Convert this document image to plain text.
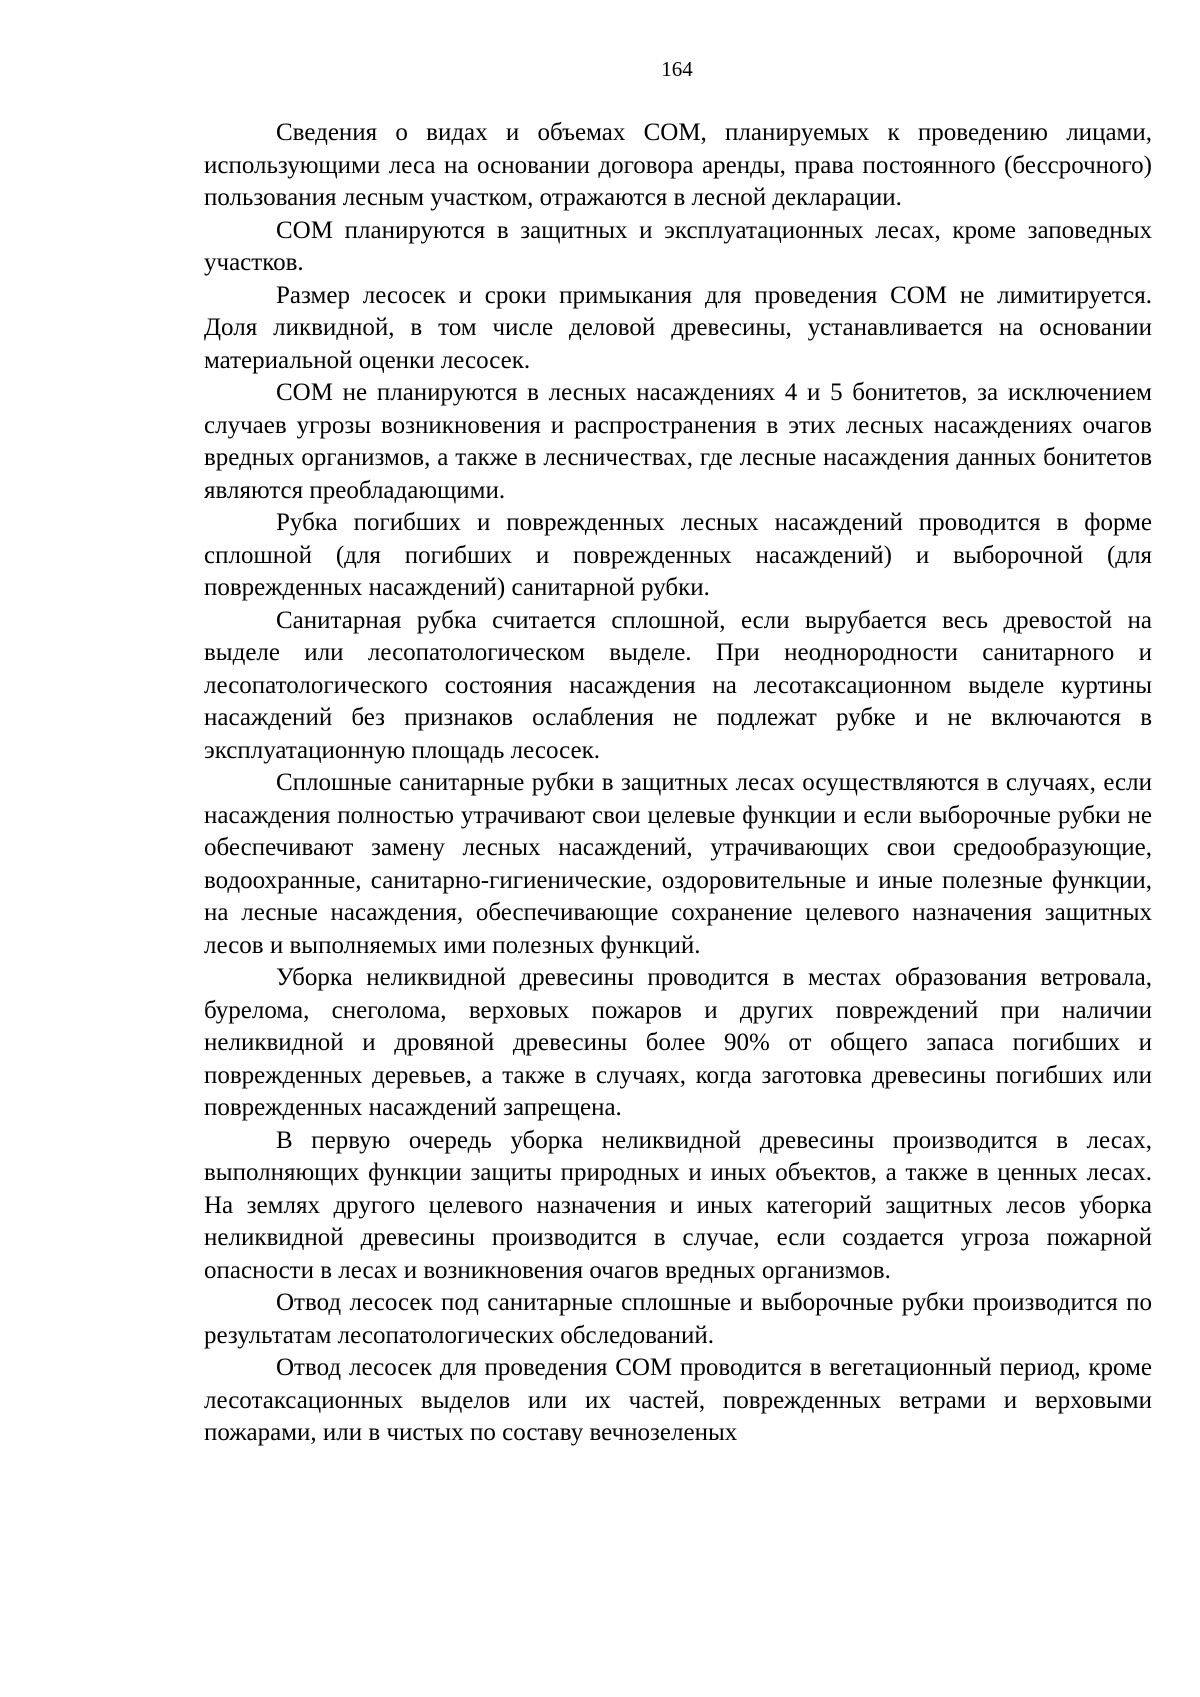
164

Сведения о видах и объемах СОМ, планируемых к проведению лицами, использующими леса на основании договора аренды, права постоянного (бессрочного) пользования лесным участком, отражаются в лесной декларации.

СОМ планируются в защитных и эксплуатационных лесах, кроме заповедных участков.

Размер лесосек и сроки примыкания для проведения СОМ не лимитируется. Доля ликвидной, в том числе деловой древесины, устанавливается на основании материальной оценки лесосек.

СОМ не планируются в лесных насаждениях 4 и 5 бонитетов, за исключением случаев угрозы возникновения и распространения в этих лесных насаждениях очагов вредных организмов, а также в лесничествах, где лесные насаждения данных бонитетов являются преобладающими.

Рубка погибших и поврежденных лесных насаждений проводится в форме сплошной (для погибших и поврежденных насаждений) и выборочной (для поврежденных насаждений) санитарной рубки.

Санитарная рубка считается сплошной, если вырубается весь древостой на выделе или лесопатологическом выделе. При неоднородности санитарного и лесопатологического состояния насаждения на лесотаксационном выделе куртины насаждений без признаков ослабления не подлежат рубке и не включаются в эксплуатационную площадь лесосек.

Сплошные санитарные рубки в защитных лесах осуществляются в случаях, если насаждения полностью утрачивают свои целевые функции и если выборочные рубки не обеспечивают замену лесных насаждений, утрачивающих свои средообразующие, водоохранные, санитарно-гигиенические, оздоровительные и иные полезные функции, на лесные насаждения, обеспечивающие сохранение целевого назначения защитных лесов и выполняемых ими полезных функций.

Уборка неликвидной древесины проводится в местах образования ветровала, бурелома, снеголома, верховых пожаров и других повреждений при наличии неликвидной и дровяной древесины более 90% от общего запаса погибших и поврежденных деревьев, а также в случаях, когда заготовка древесины погибших или поврежденных насаждений запрещена.

В первую очередь уборка неликвидной древесины производится в лесах, выполняющих функции защиты природных и иных объектов, а также в ценных лесах. На землях другого целевого назначения и иных категорий защитных лесов уборка неликвидной древесины производится в случае, если создается угроза пожарной опасности в лесах и возникновения очагов вредных организмов.

Отвод лесосек под санитарные сплошные и выборочные рубки производится по результатам лесопатологических обследований.

Отвод лесосек для проведения СОМ проводится в вегетационный период, кроме лесотаксационных выделов или их частей, поврежденных ветрами и верховыми пожарами, или в чистых по составу вечнозеленых
